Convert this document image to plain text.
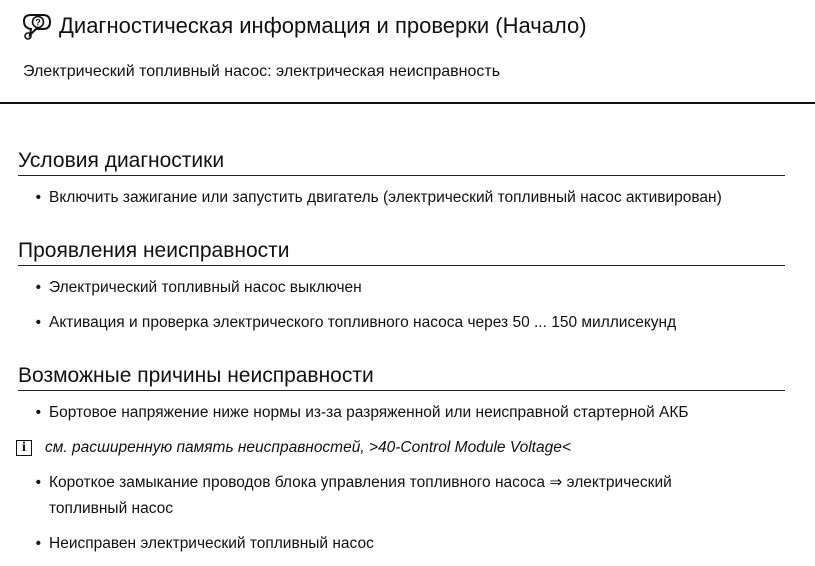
? Диагностическая информация и проверки (Начало)
Электрический топливный насос: электрическая неисправность
Условия диагностики
• Включить зажигание или запустить двигатель (электрический топливный насос активирован)
Проявления неисправности
• Электрический топливный насос выключен
• Активация и проверка электрического топливного насоса через 50 ... 150 миллисекунд
Возможные причины неисправности
• Бортовое напряжение ниже нормы из-за разряженной или неисправной стартерной АКБ
i	см. расширенную память неисправностей, >40-Control Module Voltage<
• Короткое замыкание проводов блока управления топливного насоса ⇒ электрический топливный насос
• Неисправен электрический топливный насос
